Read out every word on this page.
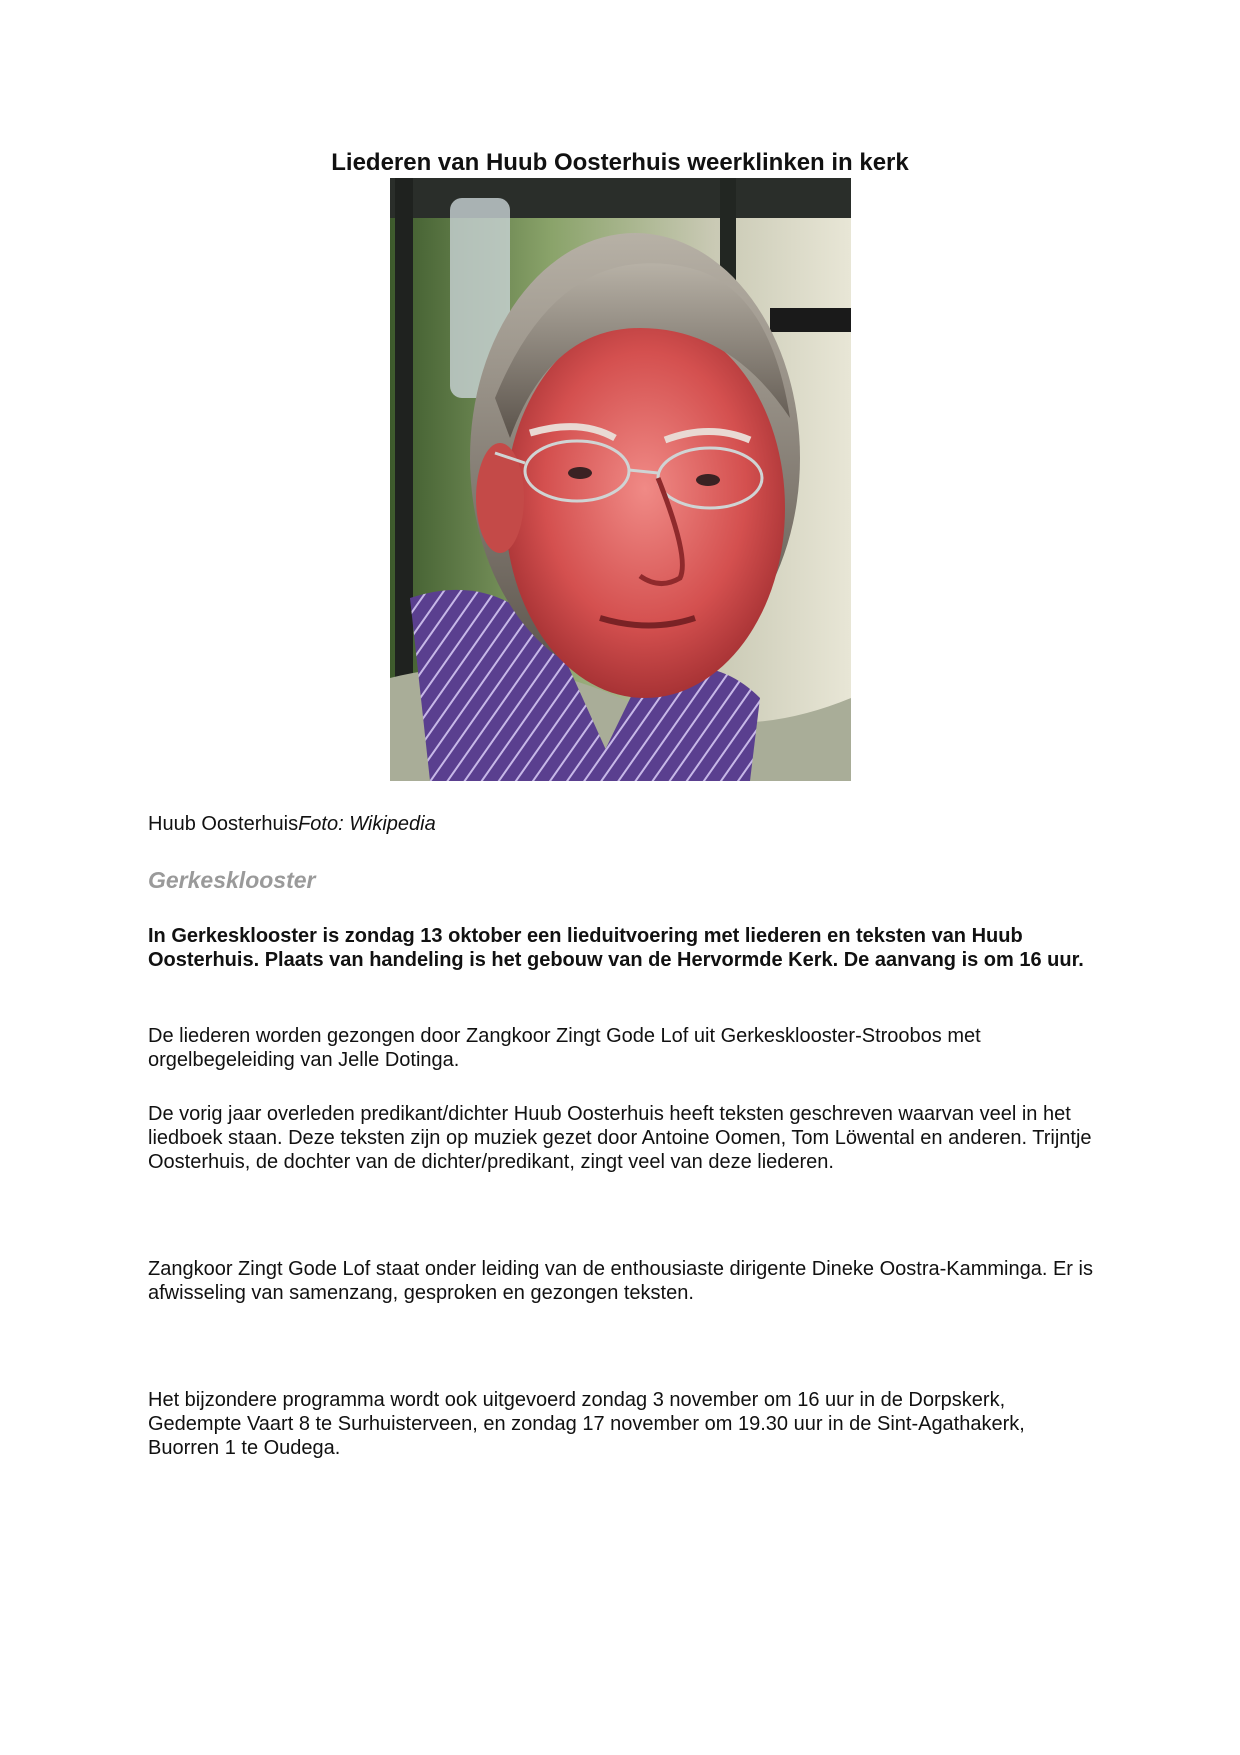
Liederen van Huub Oosterhuis weerklinken in kerk

Huub OosterhuisFoto: Wikipedia

Gerkesklooster

In Gerkesklooster is zondag 13 oktober een lieduitvoering met liederen en teksten van Huub Oosterhuis. Plaats van handeling is het gebouw van de Hervormde Kerk. De aanvang is om 16 uur.

De liederen worden gezongen door Zangkoor Zingt Gode Lof uit Gerkesklooster-Stroobos met orgelbegeleiding van Jelle Dotinga.

De vorig jaar overleden predikant/dichter Huub Oosterhuis heeft teksten geschreven waarvan veel in het liedboek staan. Deze teksten zijn op muziek gezet door Antoine Oomen, Tom Löwental en anderen. Trijntje Oosterhuis, de dochter van de dichter/predikant, zingt veel van deze liederen.

Zangkoor Zingt Gode Lof staat onder leiding van de enthousiaste dirigente Dineke Oostra-Kamminga. Er is afwisseling van samenzang, gesproken en gezongen teksten.

Het bijzondere programma wordt ook uitgevoerd zondag 3 november om 16 uur in de Dorpskerk, Gedempte Vaart 8 te Surhuisterveen, en zondag 17 november om 19.30 uur in de Sint-Agathakerk, Buorren 1 te Oudega.
